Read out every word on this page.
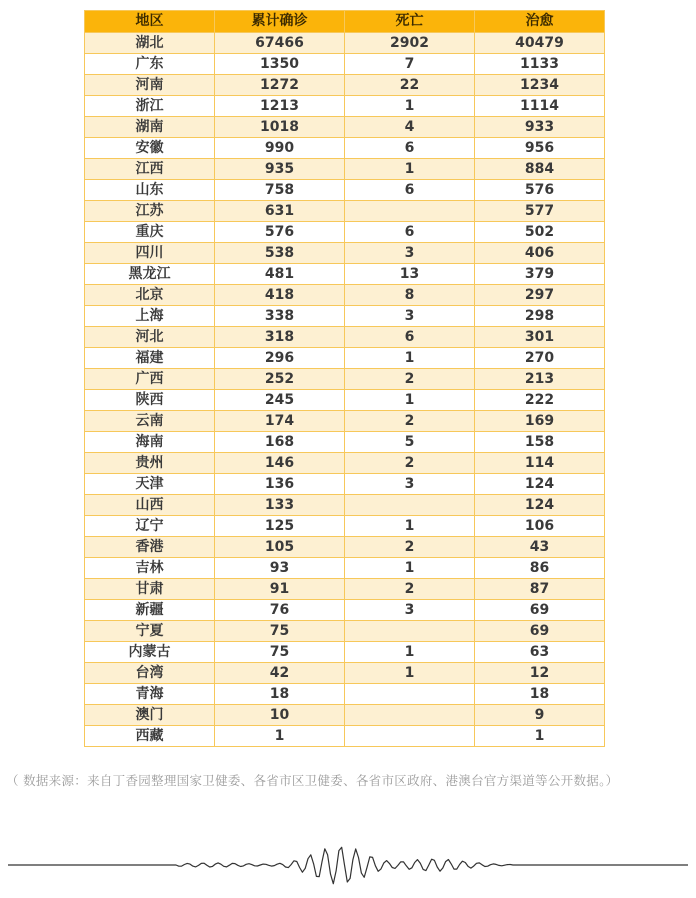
地区	累计确诊	死亡	治愈
湖北	67466	2902	40479
广东	1350	7	1133
河南	1272	22	1234
浙江	1213	1	1114
湖南	1018	4	933
安徽	990	6	956
江西	935	1	884
山东	758	6	576
江苏	631		577
重庆	576	6	502
四川	538	3	406
黑龙江	481	13	379
北京	418	8	297
上海	338	3	298
河北	318	6	301
福建	296	1	270
广西	252	2	213
陕西	245	1	222
云南	174	2	169
海南	168	5	158
贵州	146	2	114
天津	136	3	124
山西	133		124
辽宁	125	1	106
香港	105	2	43
吉林	93	1	86
甘肃	91	2	87
新疆	76	3	69
宁夏	75		69
内蒙古	75	1	63
台湾	42	1	12
青海	18		18
澳门	10		9
西藏	1		1
（ 数据来源：来自丁香园整理国家卫健委、各省市区卫健委、各省市区政府、港澳台官方渠道等公开数据。）
